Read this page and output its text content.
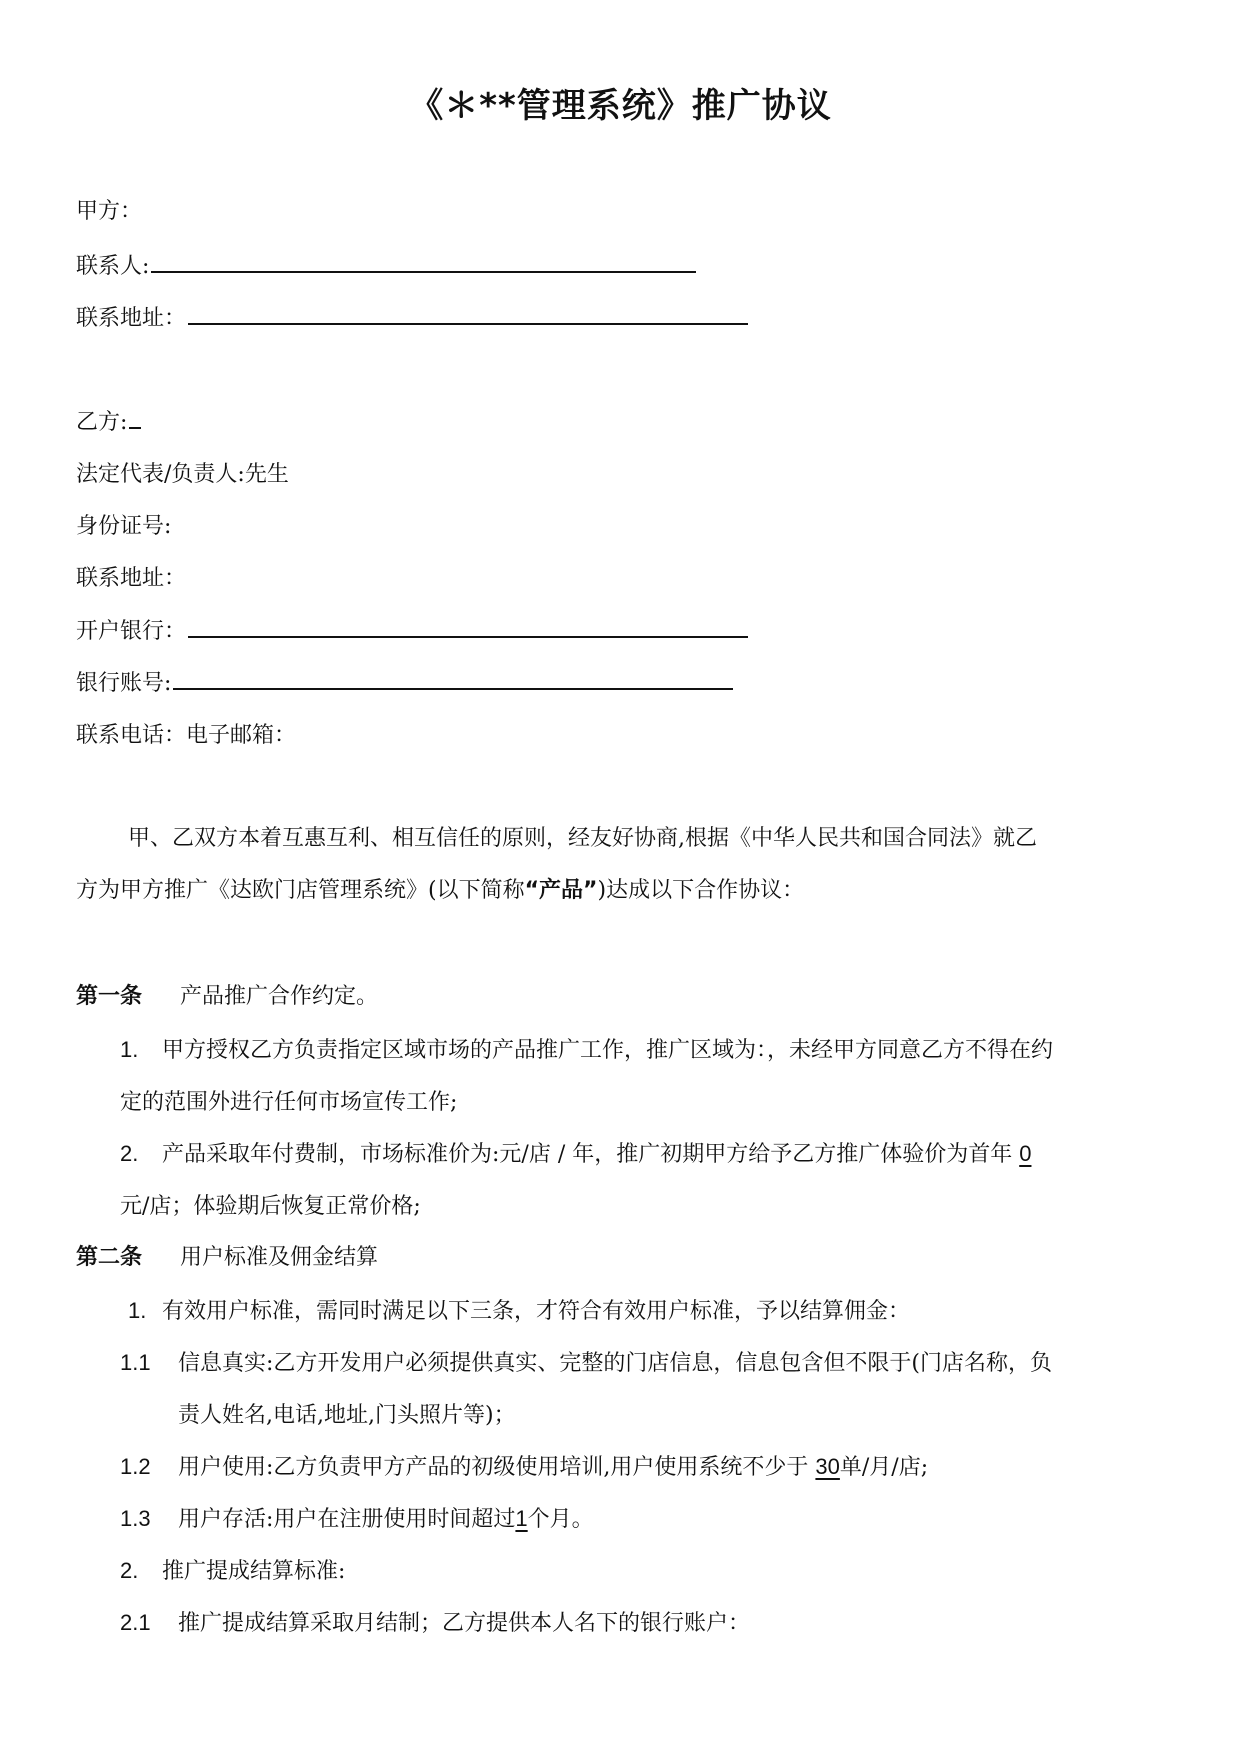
《＊**管理系统》推广协议
甲方：
联系人:
联系地址：
乙方:
法定代表/负责人:先生
身份证号:
联系地址：
开户银行：
银行账号:
联系电话：电子邮箱：
甲、乙双方本着互惠互利、相互信任的原则，经友好协商,根据《中华人民共和国合同法》就乙
方为甲方推广《达欧门店管理系统》(以下简称“产品”)达成以下合作协议：
第一条 产品推广合作约定。
1. 甲方授权乙方负责指定区域市场的产品推广工作，推广区域为：，未经甲方同意乙方不得在约
定的范围外进行任何市场宣传工作;
2. 产品采取年付费制，市场标准价为:元/店 / 年，推广初期甲方给予乙方推广体验价为首年 0
元/店；体验期后恢复正常价格;
第二条 用户标准及佣金结算
1. 有效用户标准，需同时满足以下三条，才符合有效用户标准，予以结算佣金：
1.1 信息真实:乙方开发用户必须提供真实、完整的门店信息，信息包含但不限于(门店名称，负
责人姓名,电话,地址,门头照片等)；
1.2 用户使用:乙方负责甲方产品的初级使用培训,用户使用系统不少于 30单/月/店;
1.3 用户存活:用户在注册使用时间超过1个月。
2. 推广提成结算标准:
2.1 推广提成结算采取月结制；乙方提供本人名下的银行账户：
